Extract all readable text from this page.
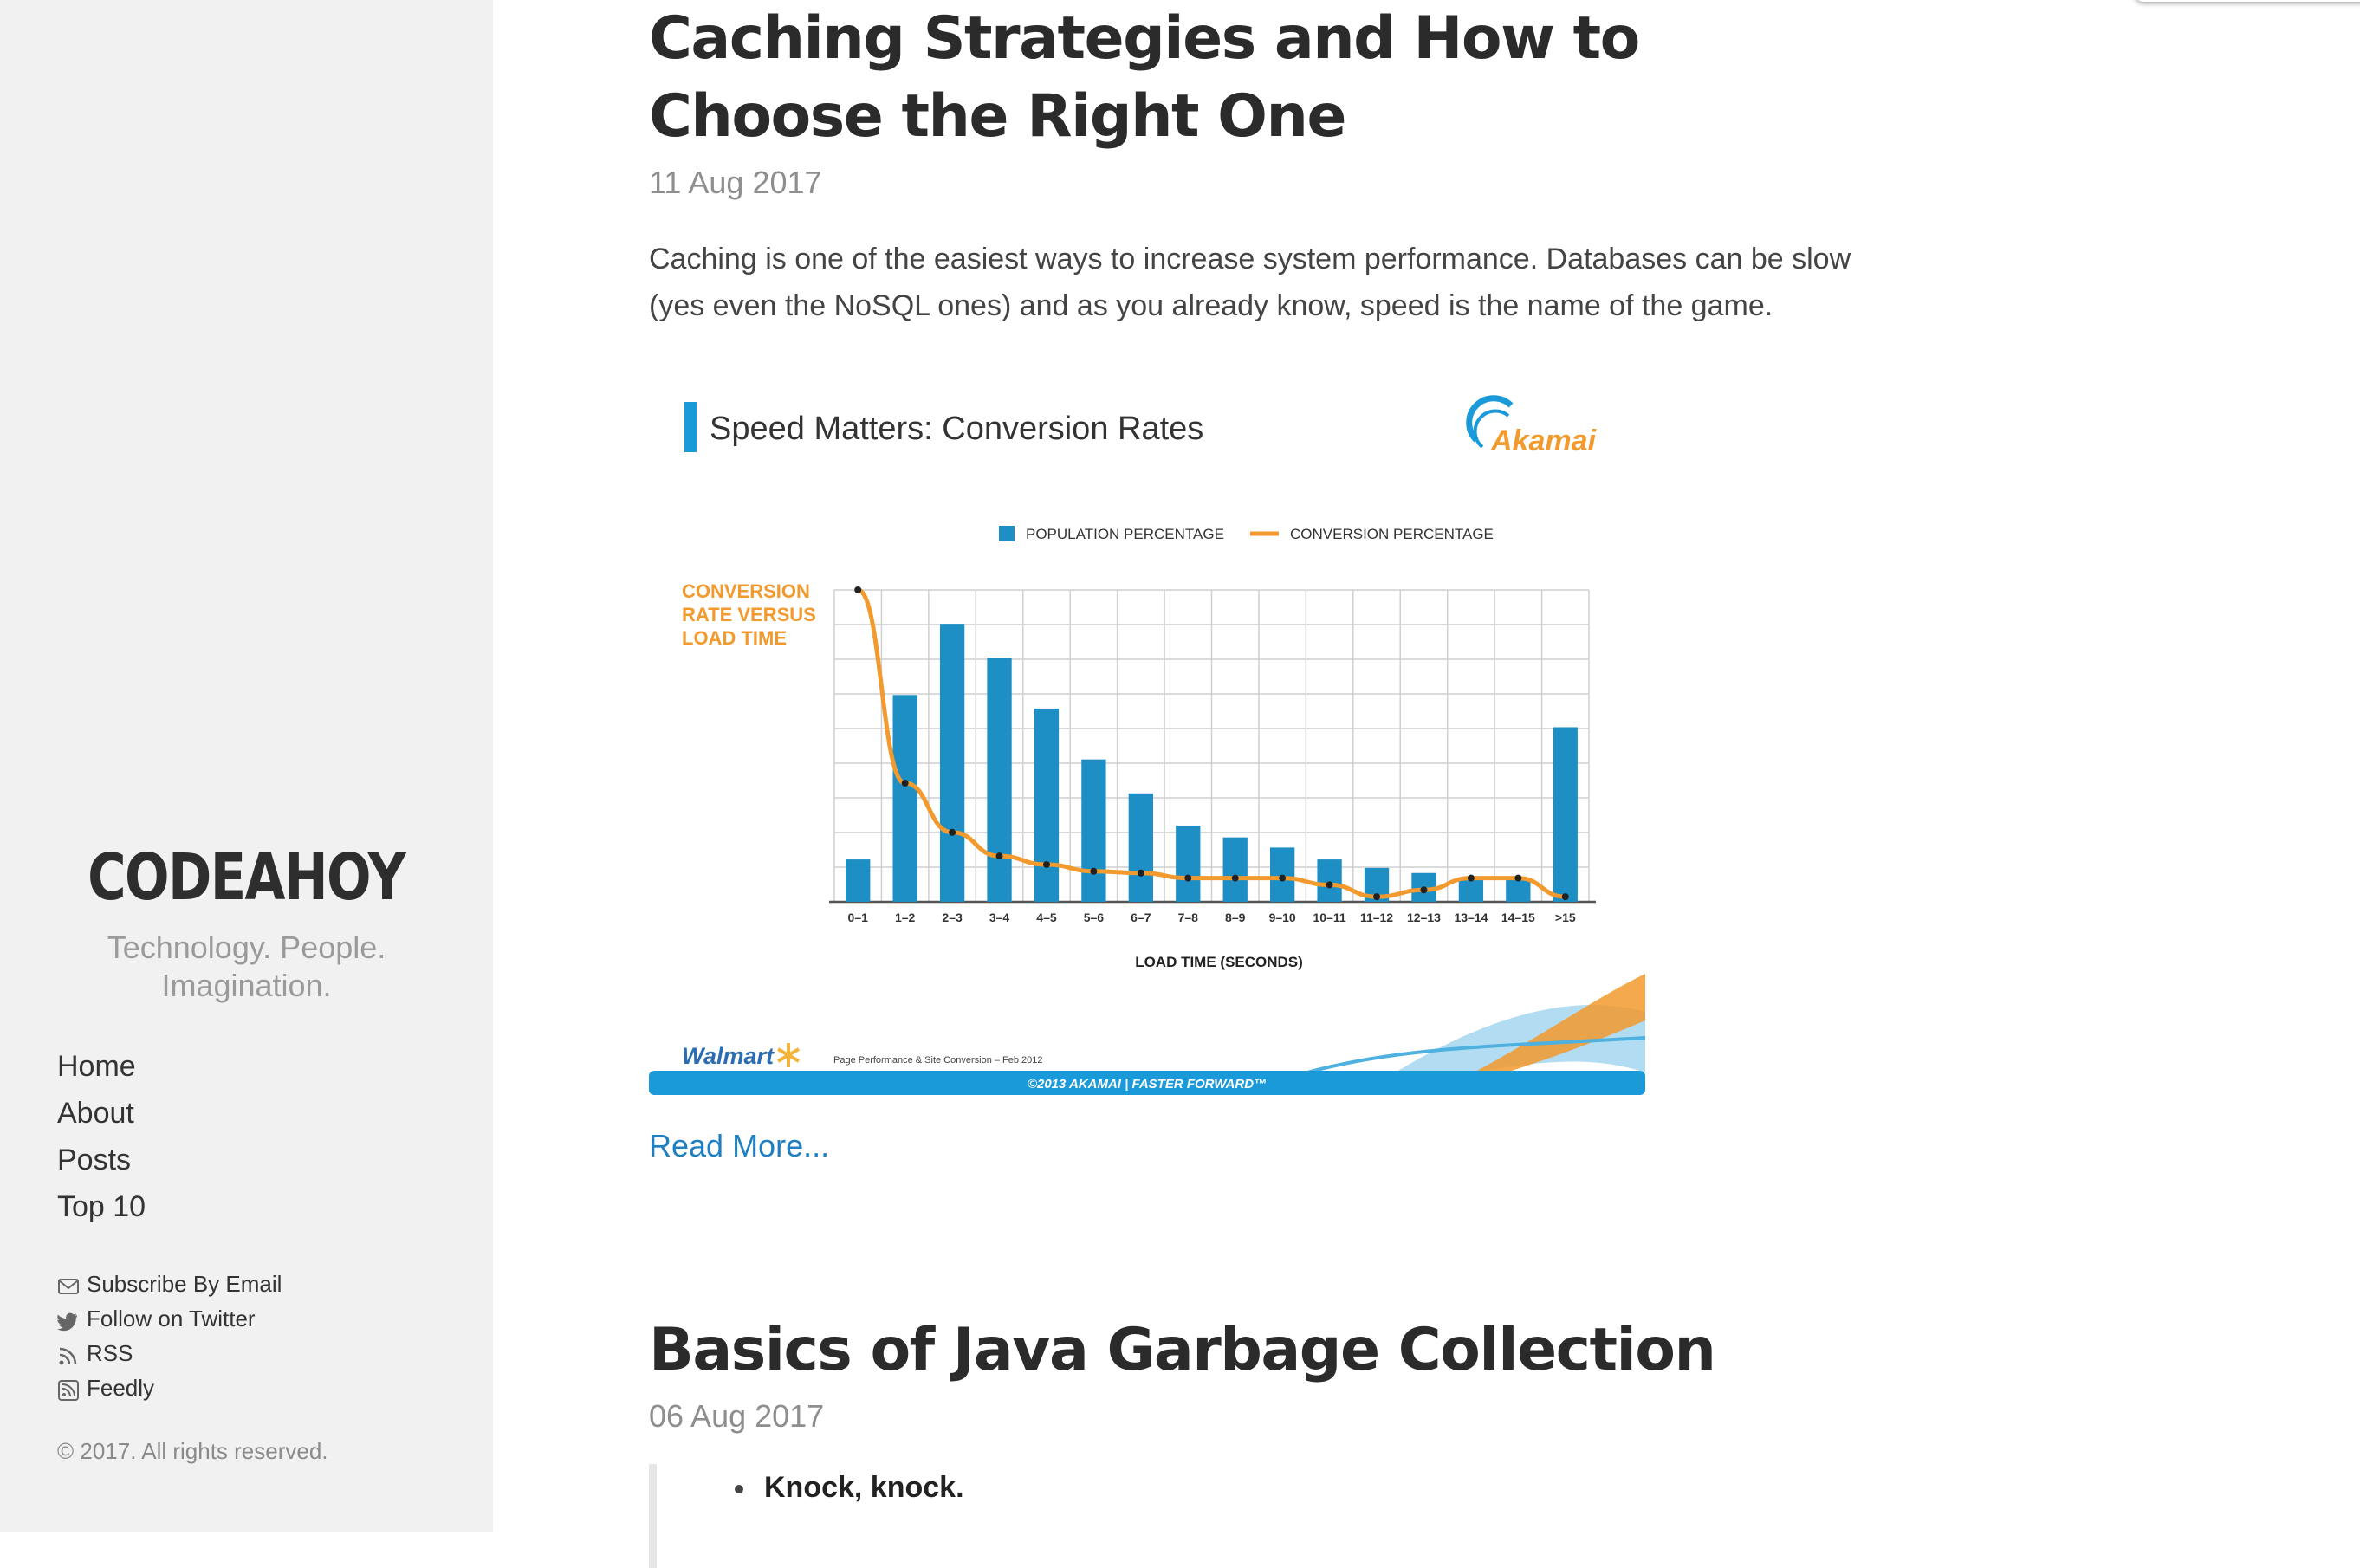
CODEAHOY
Technology. People. Imagination.
Home
About
Posts
Top 10
Subscribe By Email
Follow on Twitter
RSS
Feedly
© 2017. All rights reserved.
Caching Strategies and How to Choose the Right One
11 Aug 2017
Caching is one of the easiest ways to increase system performance. Databases can be slow (yes even the NoSQL ones) and as you already know, speed is the name of the game.
Speed Matters: Conversion Rates	Akamai
POPULATION PERCENTAGE	CONVERSION PERCENTAGE
CONVERSION
RATE VERSUS
LOAD TIME
0–1 1–2 2–3 3–4 4–5 5–6 6–7 7–8 8–9 9–10 10–11 11–12 12–13 13–14 14–15 >15
LOAD TIME (SECONDS)
Walmart	Page Performance & Site Conversion – Feb 2012
©2013 AKAMAI | FASTER FORWARD™
Read More...
Basics of Java Garbage Collection
06 Aug 2017
Knock, knock.
